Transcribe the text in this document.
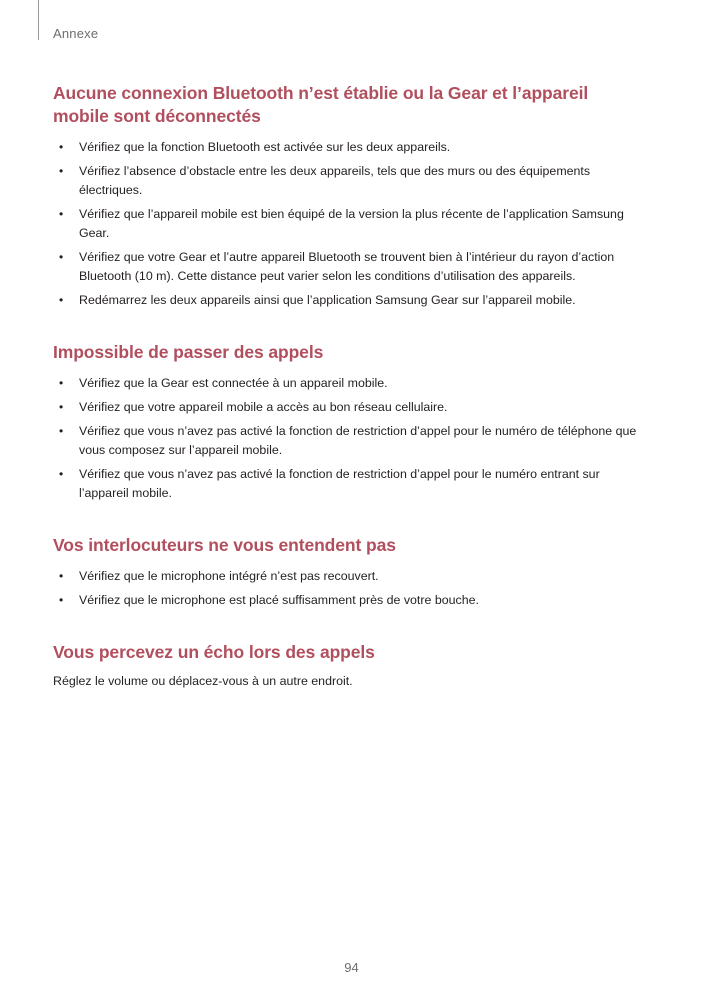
Annexe
Aucune connexion Bluetooth n’est établie ou la Gear et l’appareil mobile sont déconnectés
• Vérifiez que la fonction Bluetooth est activée sur les deux appareils.
• Vérifiez l’absence d’obstacle entre les deux appareils, tels que des murs ou des équipements électriques.
• Vérifiez que l’appareil mobile est bien équipé de la version la plus récente de l’application Samsung Gear.
• Vérifiez que votre Gear et l’autre appareil Bluetooth se trouvent bien à l’intérieur du rayon d’action Bluetooth (10 m). Cette distance peut varier selon les conditions d’utilisation des appareils.
• Redémarrez les deux appareils ainsi que l’application Samsung Gear sur l’appareil mobile.
Impossible de passer des appels
• Vérifiez que la Gear est connectée à un appareil mobile.
• Vérifiez que votre appareil mobile a accès au bon réseau cellulaire.
• Vérifiez que vous n’avez pas activé la fonction de restriction d’appel pour le numéro de téléphone que vous composez sur l’appareil mobile.
• Vérifiez que vous n’avez pas activé la fonction de restriction d’appel pour le numéro entrant sur l’appareil mobile.
Vos interlocuteurs ne vous entendent pas
• Vérifiez que le microphone intégré n’est pas recouvert.
• Vérifiez que le microphone est placé suffisamment près de votre bouche.
Vous percevez un écho lors des appels

Réglez le volume ou déplacez-vous à un autre endroit.

94
